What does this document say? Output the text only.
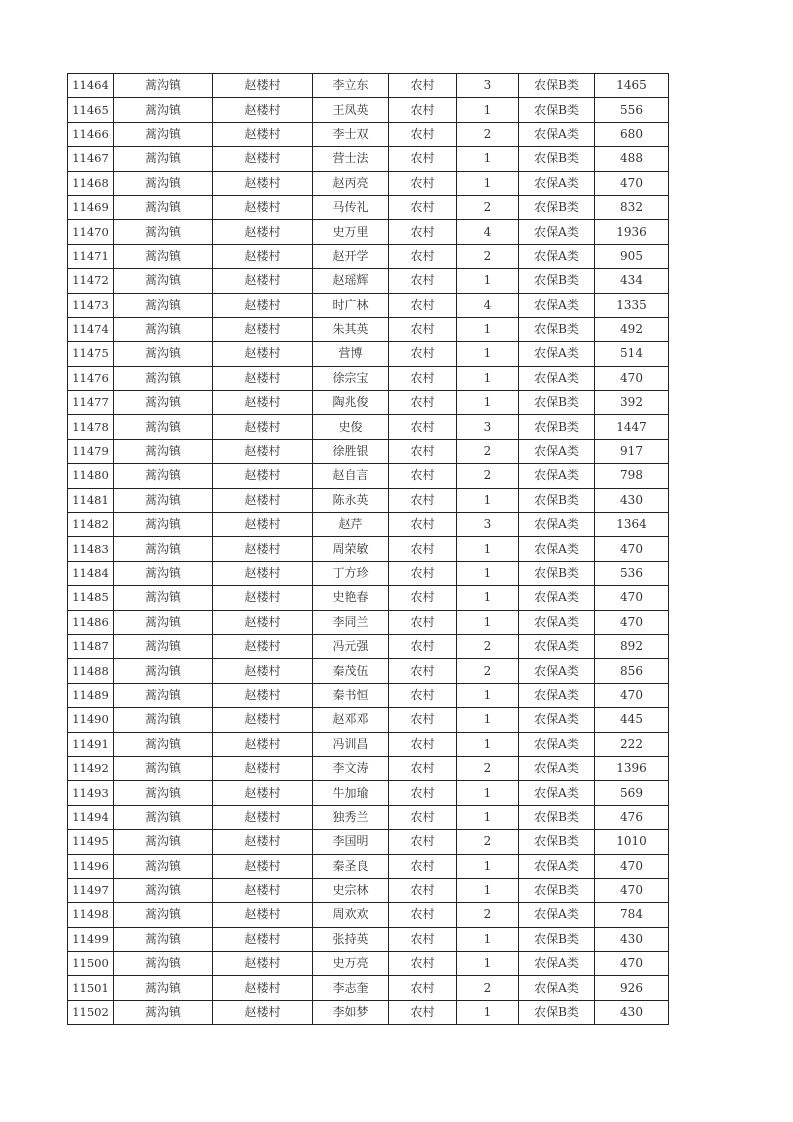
11464	蒿沟镇	赵楼村	李立东	农村	3	农保B类	1465
11465	蒿沟镇	赵楼村	王凤英	农村	1	农保B类	556
11466	蒿沟镇	赵楼村	李士双	农村	2	农保A类	680
11467	蒿沟镇	赵楼村	营士法	农村	1	农保B类	488
11468	蒿沟镇	赵楼村	赵丙亮	农村	1	农保A类	470
11469	蒿沟镇	赵楼村	马传礼	农村	2	农保B类	832
11470	蒿沟镇	赵楼村	史万里	农村	4	农保A类	1936
11471	蒿沟镇	赵楼村	赵开学	农村	2	农保A类	905
11472	蒿沟镇	赵楼村	赵瑶辉	农村	1	农保B类	434
11473	蒿沟镇	赵楼村	时广林	农村	4	农保A类	1335
11474	蒿沟镇	赵楼村	朱其英	农村	1	农保B类	492
11475	蒿沟镇	赵楼村	营博	农村	1	农保A类	514
11476	蒿沟镇	赵楼村	徐宗宝	农村	1	农保A类	470
11477	蒿沟镇	赵楼村	陶兆俊	农村	1	农保B类	392
11478	蒿沟镇	赵楼村	史俊	农村	3	农保B类	1447
11479	蒿沟镇	赵楼村	徐胜银	农村	2	农保A类	917
11480	蒿沟镇	赵楼村	赵自言	农村	2	农保A类	798
11481	蒿沟镇	赵楼村	陈永英	农村	1	农保B类	430
11482	蒿沟镇	赵楼村	赵芹	农村	3	农保A类	1364
11483	蒿沟镇	赵楼村	周荣敏	农村	1	农保A类	470
11484	蒿沟镇	赵楼村	丁方珍	农村	1	农保B类	536
11485	蒿沟镇	赵楼村	史艳春	农村	1	农保A类	470
11486	蒿沟镇	赵楼村	李同兰	农村	1	农保A类	470
11487	蒿沟镇	赵楼村	冯元强	农村	2	农保A类	892
11488	蒿沟镇	赵楼村	秦茂伍	农村	2	农保A类	856
11489	蒿沟镇	赵楼村	秦书恒	农村	1	农保A类	470
11490	蒿沟镇	赵楼村	赵邓邓	农村	1	农保A类	445
11491	蒿沟镇	赵楼村	冯训昌	农村	1	农保A类	222
11492	蒿沟镇	赵楼村	李文涛	农村	2	农保A类	1396
11493	蒿沟镇	赵楼村	牛加瑜	农村	1	农保A类	569
11494	蒿沟镇	赵楼村	独秀兰	农村	1	农保B类	476
11495	蒿沟镇	赵楼村	李国明	农村	2	农保B类	1010
11496	蒿沟镇	赵楼村	秦圣良	农村	1	农保A类	470
11497	蒿沟镇	赵楼村	史宗林	农村	1	农保B类	470
11498	蒿沟镇	赵楼村	周欢欢	农村	2	农保A类	784
11499	蒿沟镇	赵楼村	张持英	农村	1	农保B类	430
11500	蒿沟镇	赵楼村	史万亮	农村	1	农保A类	470
11501	蒿沟镇	赵楼村	李志奎	农村	2	农保A类	926
11502	蒿沟镇	赵楼村	李如梦	农村	1	农保B类	430
